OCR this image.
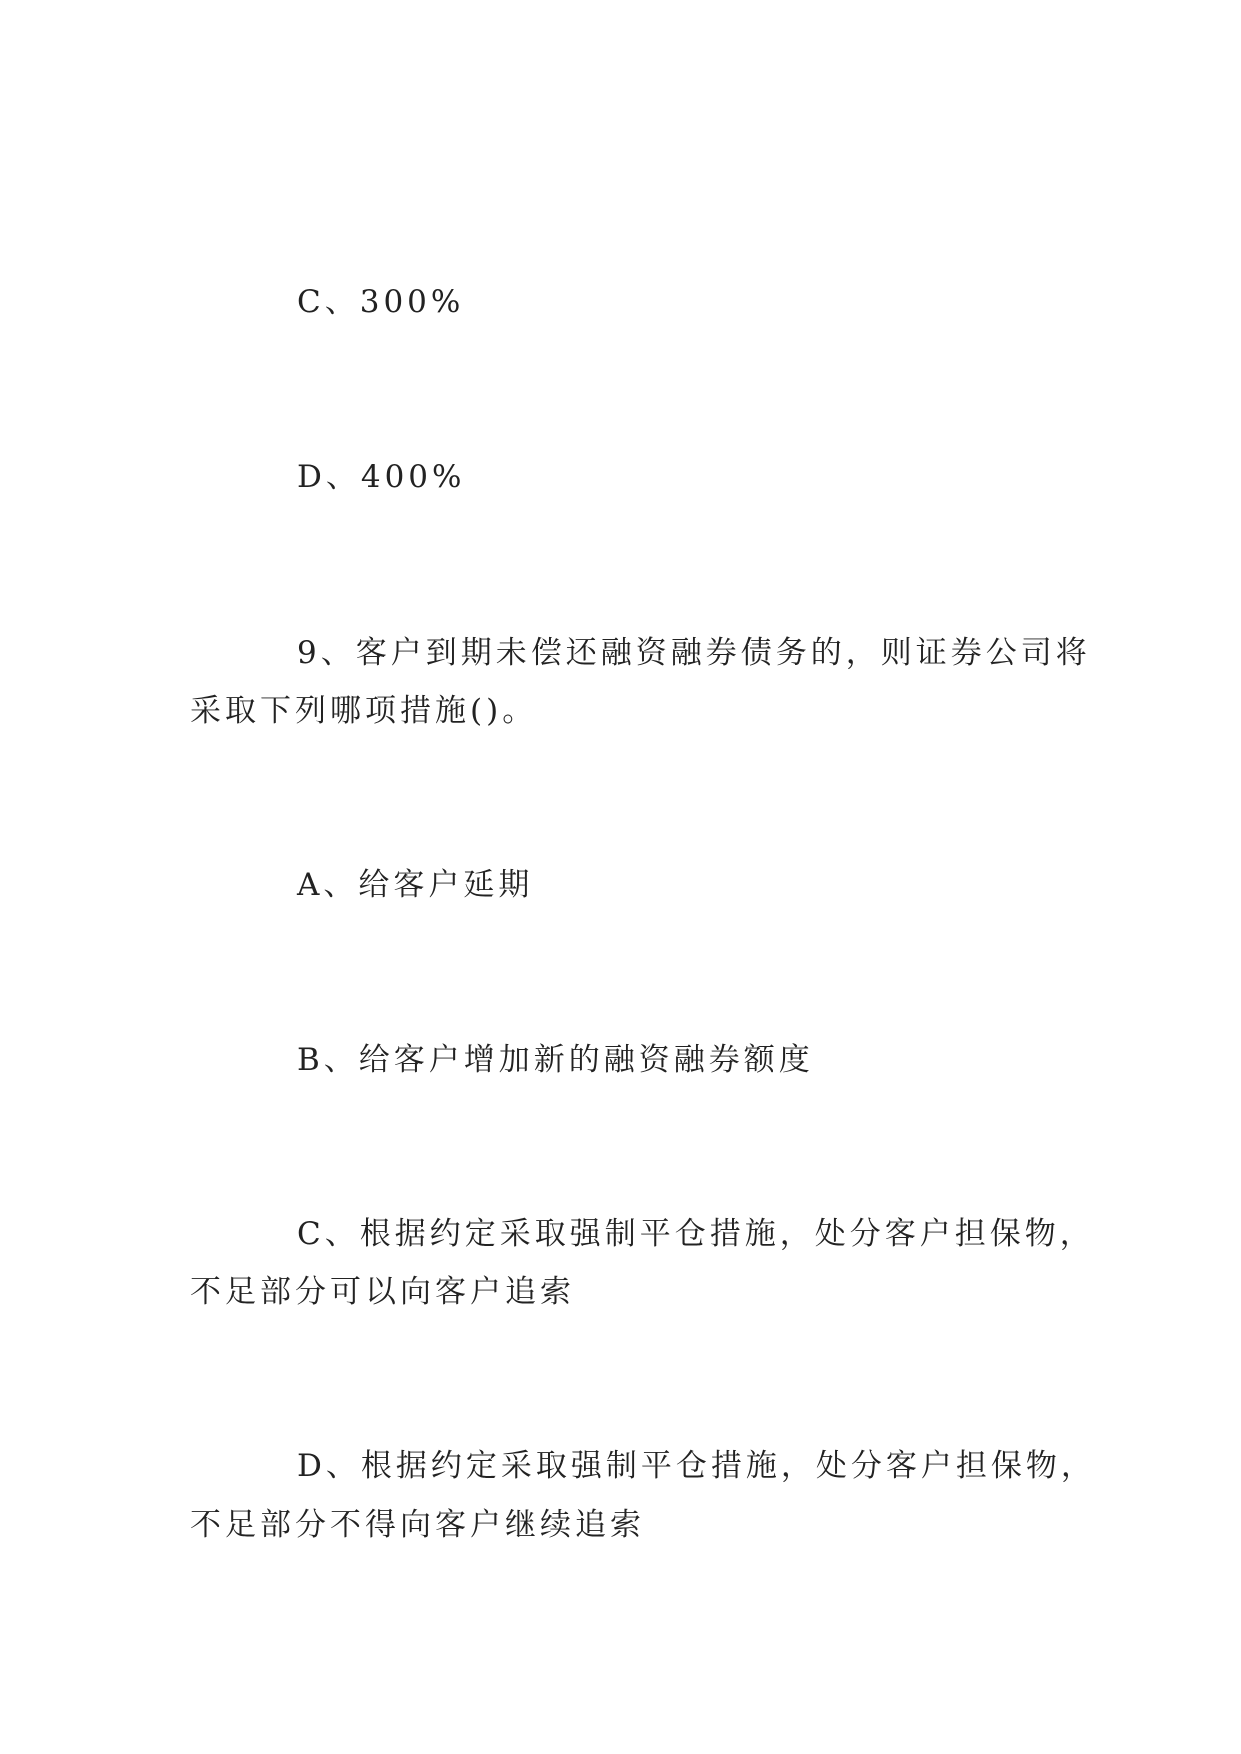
C、300%

D、400%

9、客户到期未偿还融资融券债务的，则证券公司将

采取下列哪项措施()。

A、给客户延期

B、给客户增加新的融资融券额度

C、根据约定采取强制平仓措施，处分客户担保物，

不足部分可以向客户追索

D、根据约定采取强制平仓措施，处分客户担保物，

不足部分不得向客户继续追索
